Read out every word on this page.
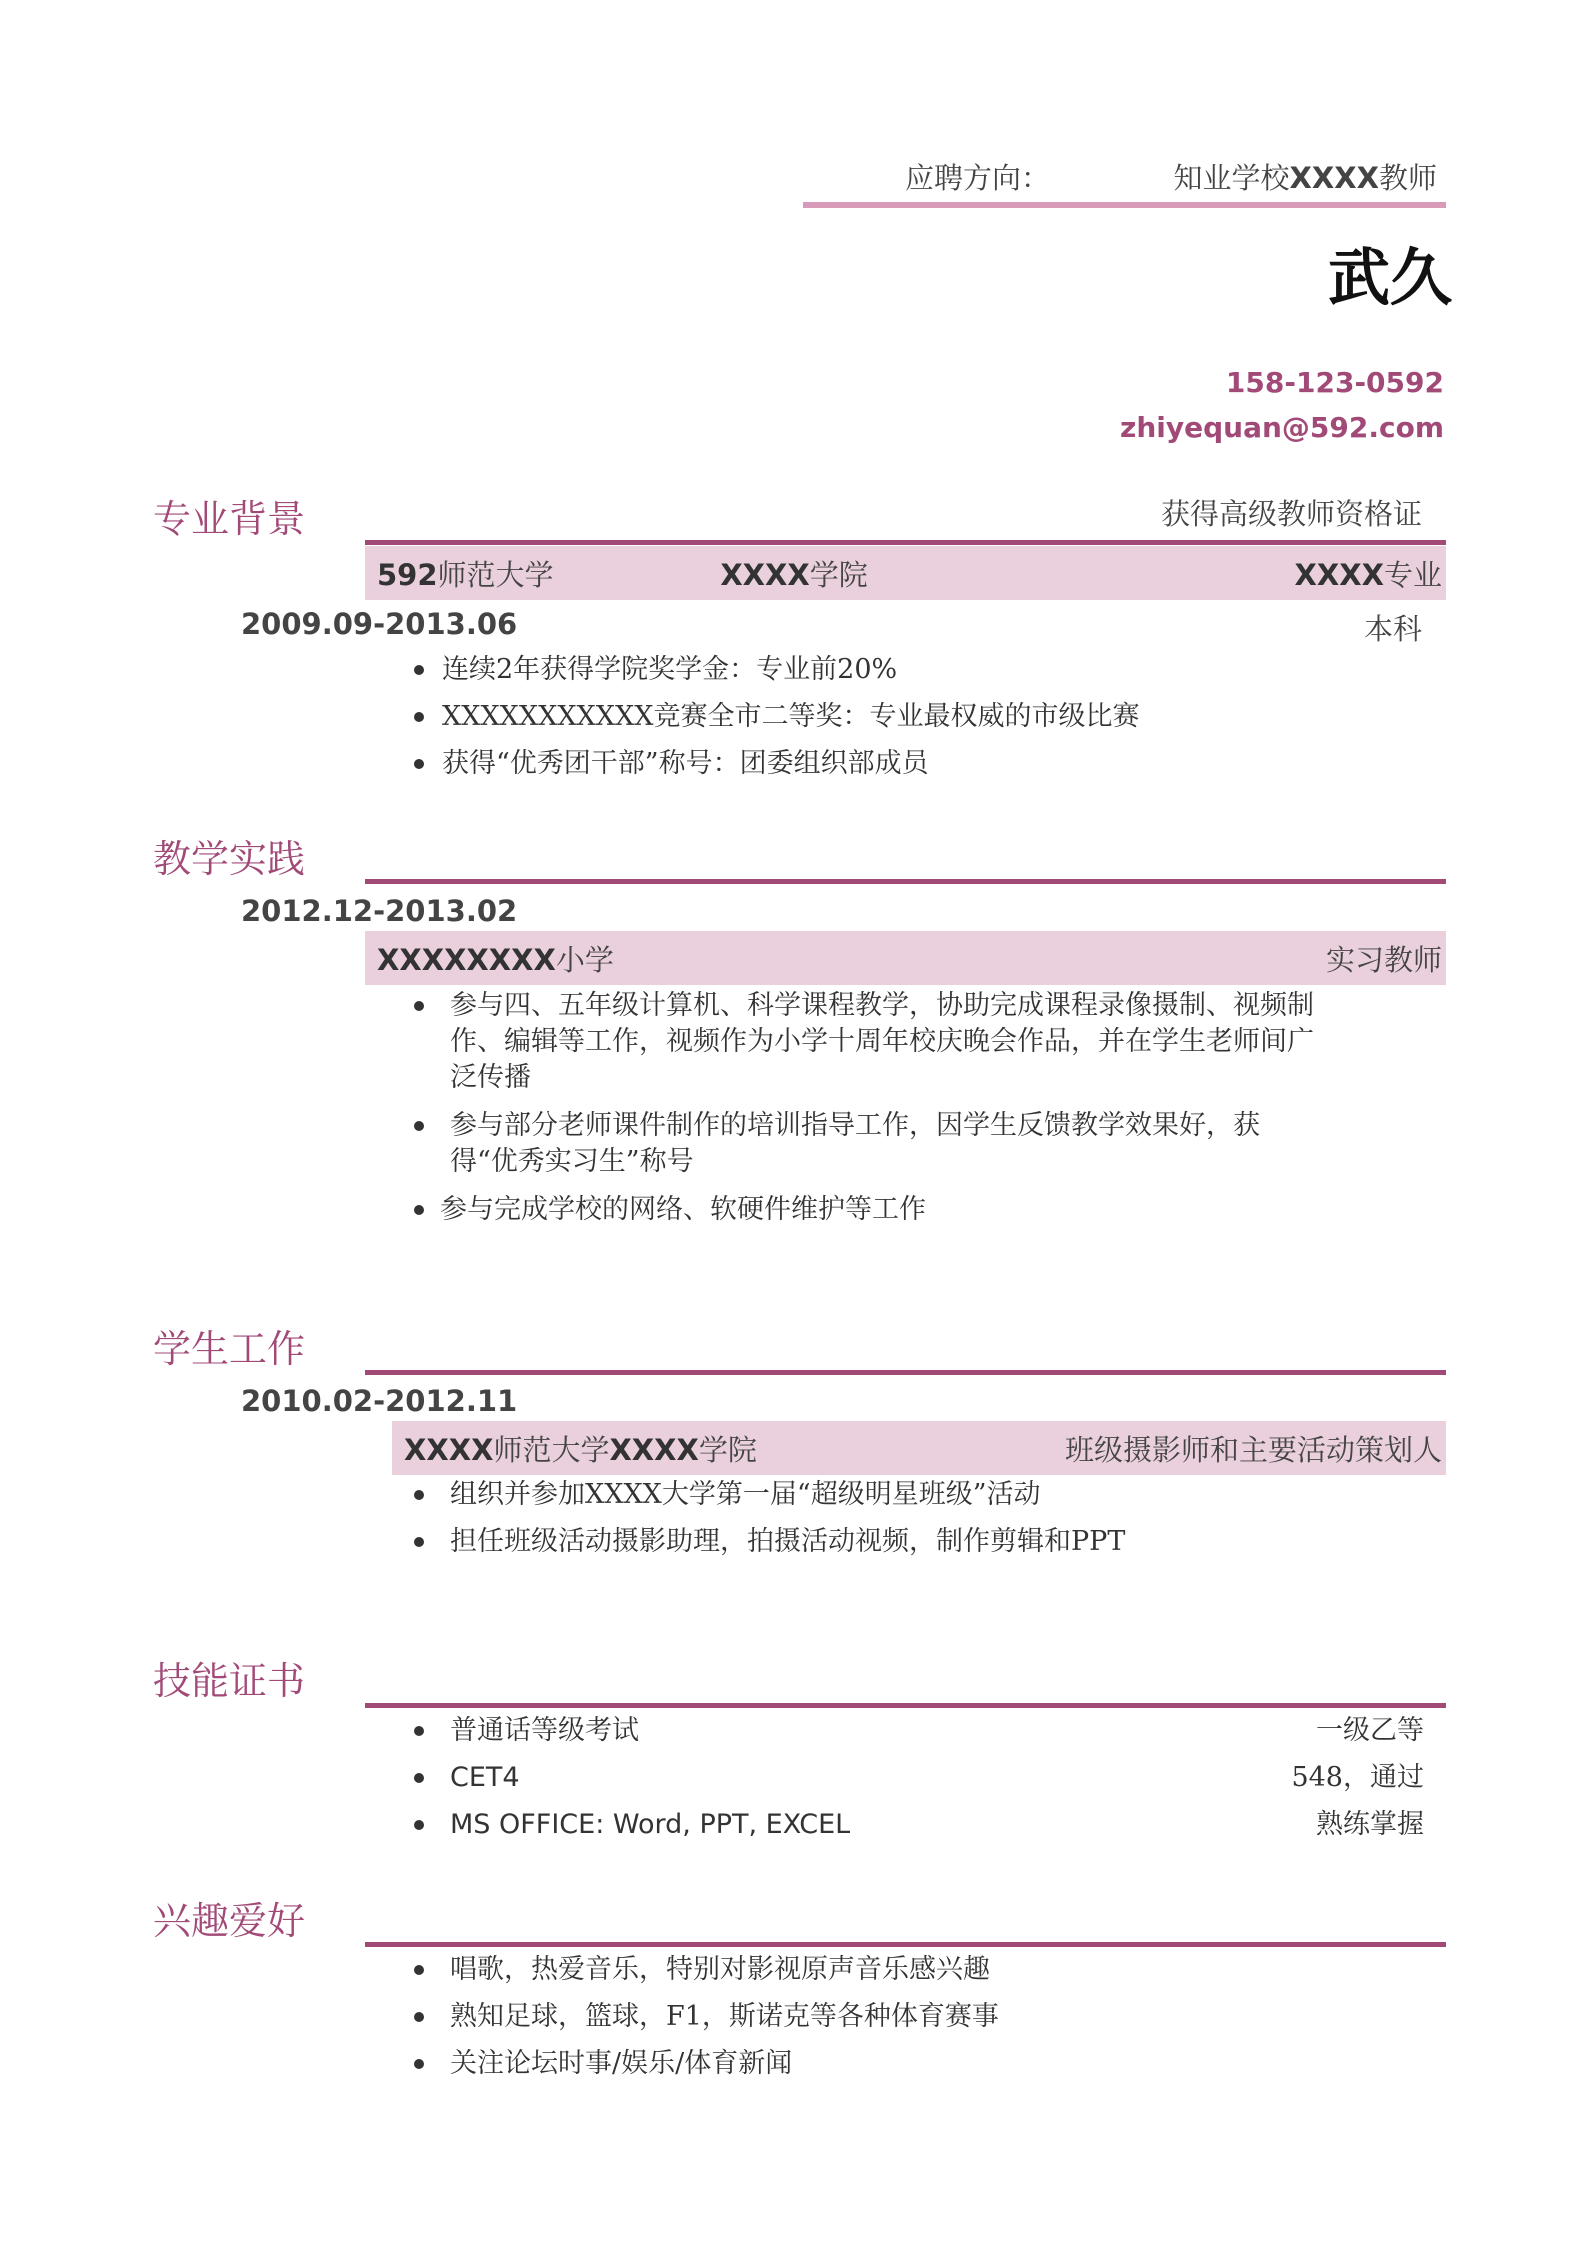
应聘方向：	知业学校XXXX教师
武久
158-123-0592
zhiyequan@592.com
专业背景	获得高级教师资格证
592师范大学	XXXX学院	XXXX专业
2009.09-2013.06	本科
连续2年获得学院奖学金：专业前20%
XXXXXXXXXXX竞赛全市二等奖：专业最权威的市级比赛
获得“优秀团干部”称号：团委组织部成员
教学实践
2012.12-2013.02
XXXXXXXX小学	实习教师
参与四、五年级计算机、科学课程教学，协助完成课程录像摄制、视频制作、编辑等工作，视频作为小学十周年校庆晚会作品，并在学生老师间广泛传播
参与部分老师课件制作的培训指导工作，因学生反馈教学效果好，获得“优秀实习生”称号
参与完成学校的网络、软硬件维护等工作
学生工作
2010.02-2012.11
XXXX师范大学XXXX学院	班级摄影师和主要活动策划人
组织并参加XXXX大学第一届“超级明星班级”活动
担任班级活动摄影助理，拍摄活动视频，制作剪辑和PPT
技能证书
普通话等级考试	一级乙等
CET4	548，通过
MS OFFICE: Word, PPT, EXCEL	熟练掌握
兴趣爱好
唱歌，热爱音乐，特别对影视原声音乐感兴趣
熟知足球，篮球，F1，斯诺克等各种体育赛事
关注论坛时事/娱乐/体育新闻
